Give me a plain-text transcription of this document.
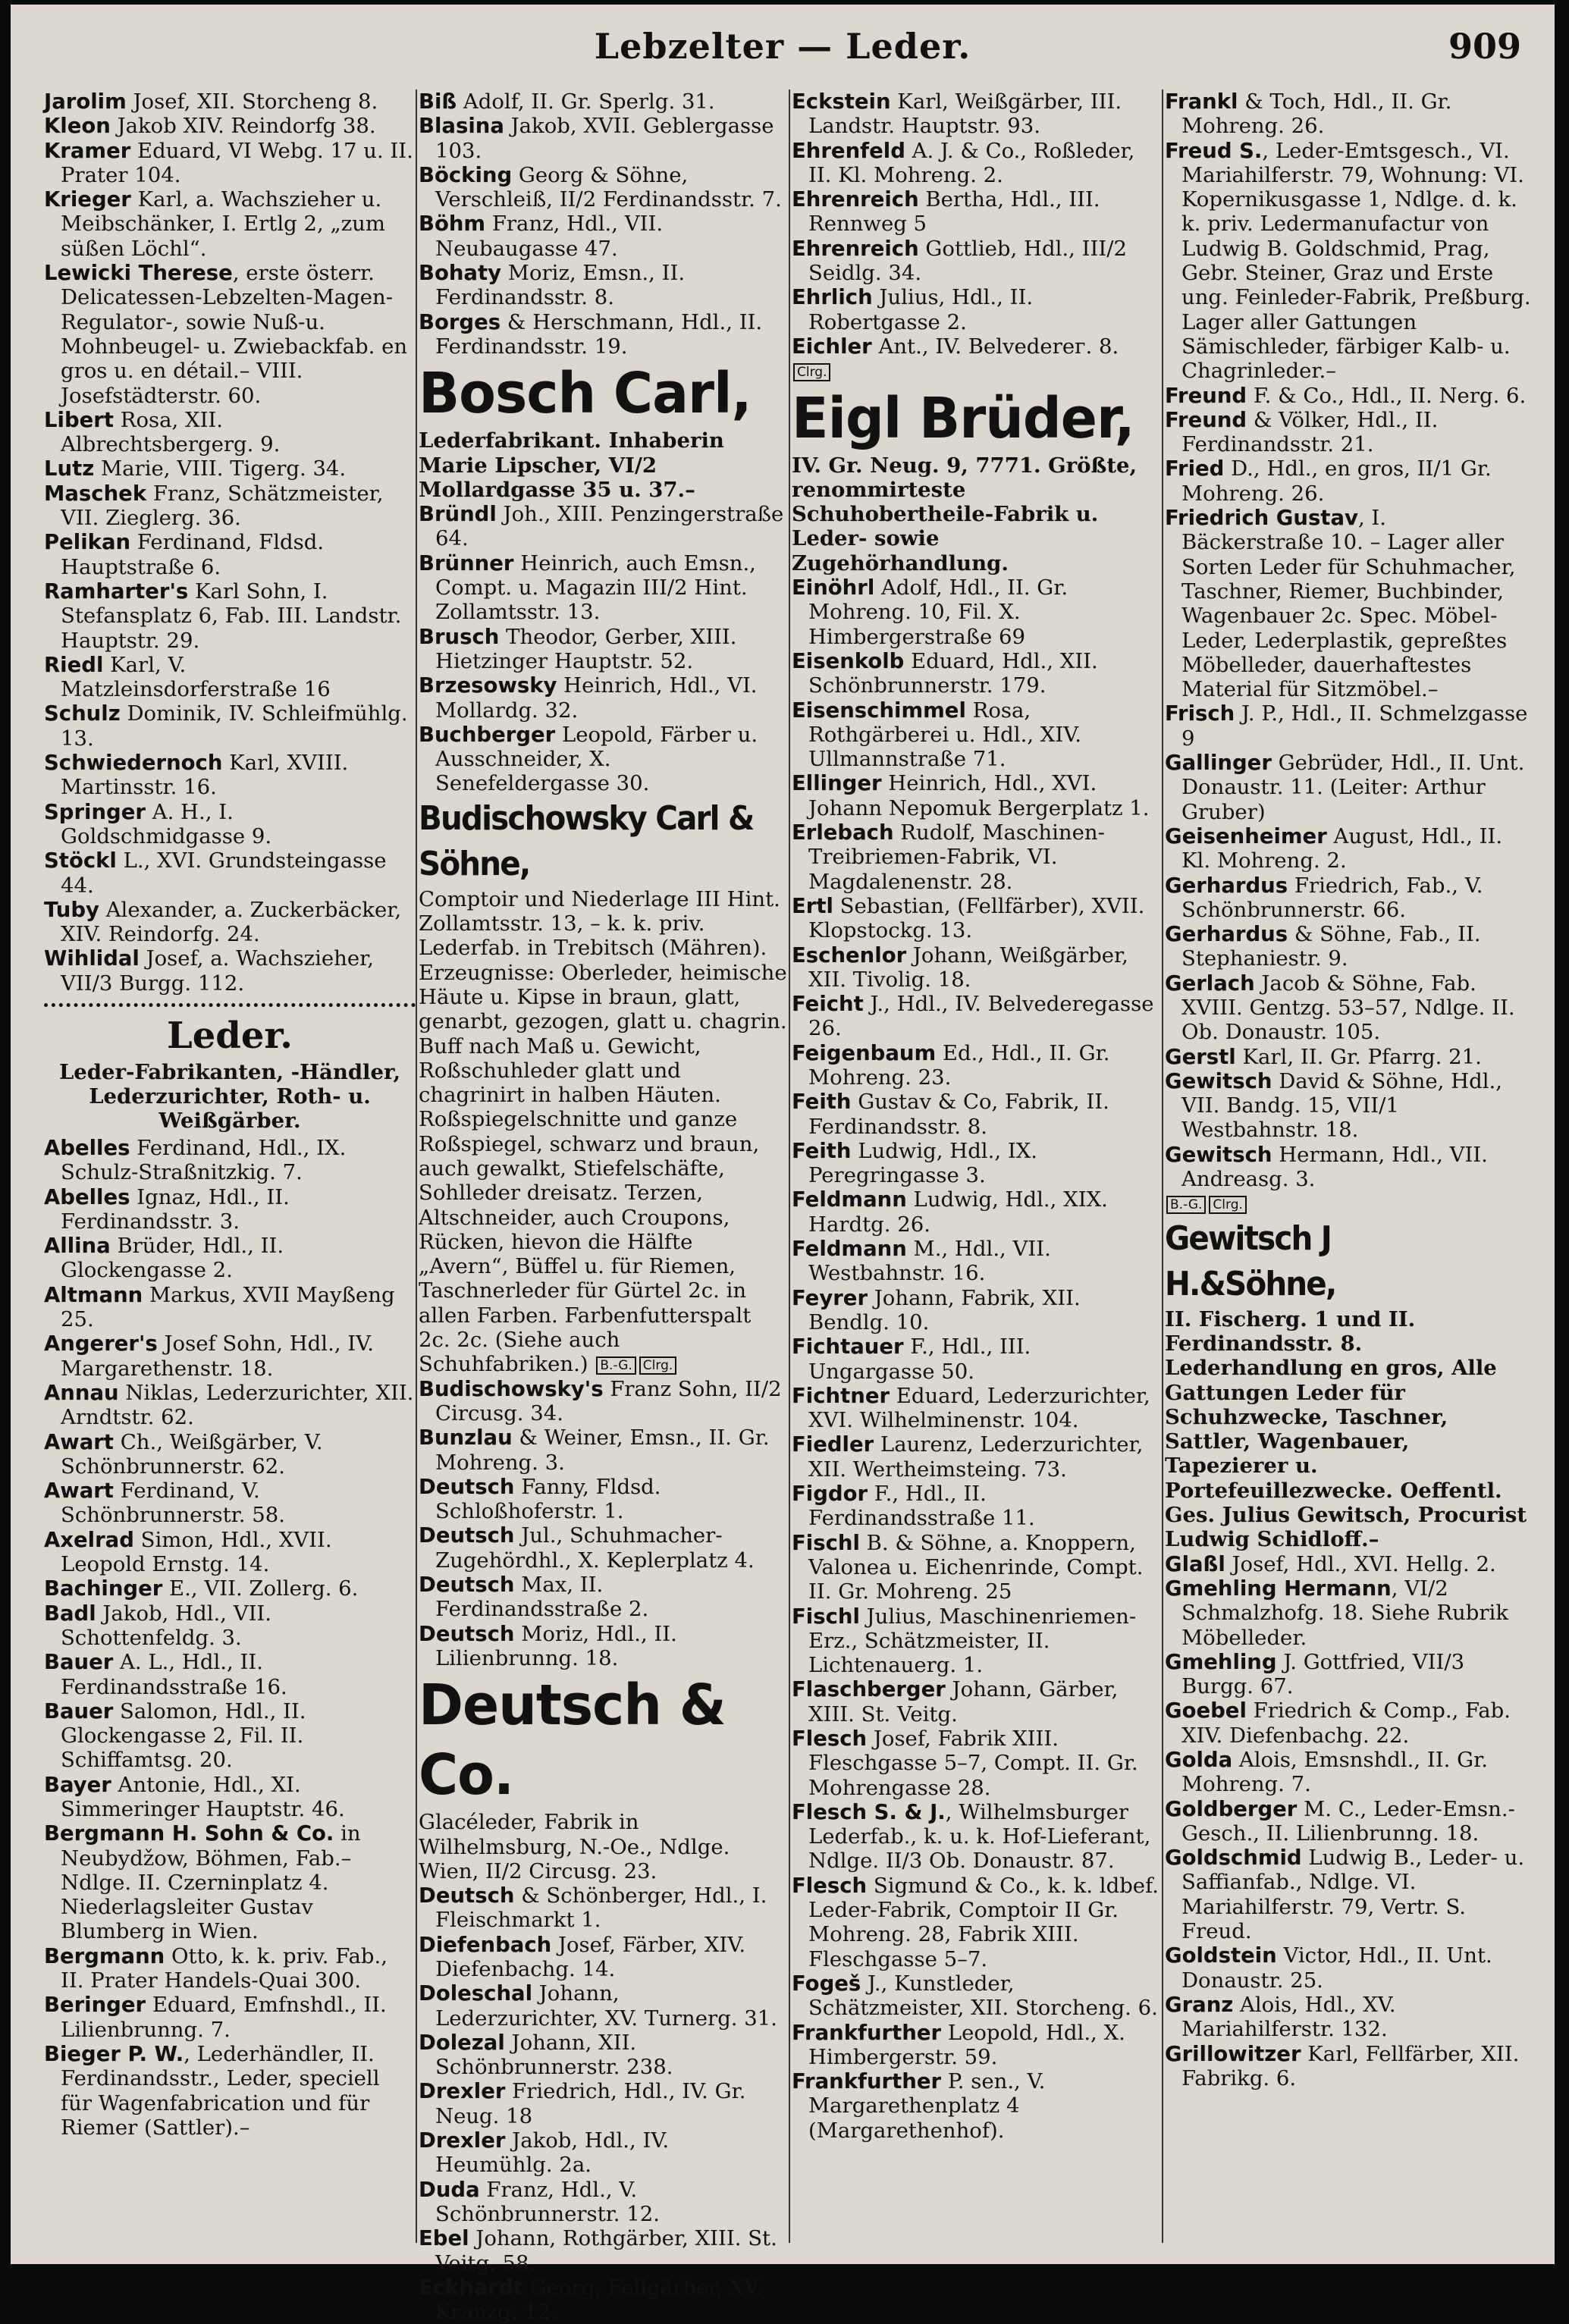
Lebzelter — Leder.	909
Jarolim Josef, XII. Storcheng 8.
Kleon Jakob XIV. Reindorfg 38.
Kramer Eduard, VI Webg. 17 u. II. Prater 104.
Krieger Karl, a. Wachszieher u. Meibschänker, I. Ertlg 2, „zum süßen Löchl“.
Lewicki Therese, erste österr. Delicatessen-Lebzelten-Magen-Regulator-, sowie Nuß-u. Mohnbeugel- u. Zwiebackfab. en gros u. en détail.– VIII. Josefstädterstr. 60.
Libert Rosa, XII. Albrechtsbergerg. 9.
Lutz Marie, VIII. Tigerg. 34.
Maschek Franz, Schätzmeister, VII. Zieglerg. 36.
Pelikan Ferdinand, Fldsd. Hauptstraße 6.
Ramharter's Karl Sohn, I. Stefansplatz 6, Fab. III. Landstr. Hauptstr. 29.
Riedl Karl, V. Matzleinsdorferstraße 16
Schulz Dominik, IV. Schleifmühlg. 13.
Schwiedernoch Karl, XVIII. Martinsstr. 16.
Springer A. H., I. Goldschmidgasse 9.
Stöckl L., XVI. Grundsteingasse 44.
Tuby Alexander, a. Zuckerbäcker, XIV. Reindorfg. 24.
Wihlidal Josef, a. Wachszieher, VII/3 Burgg. 112.
Leder.
Leder-Fabrikanten, -Händler, Lederzurichter, Roth- u. Weißgärber.
Abelles Ferdinand, Hdl., IX. Schulz-Straßnitzkig. 7.
Abelles Ignaz, Hdl., II. Ferdinandsstr. 3.
Allina Brüder, Hdl., II. Glockengasse 2.
Altmann Markus, XVII Mayßeng 25.
Angerer's Josef Sohn, Hdl., IV. Margarethenstr. 18.
Annau Niklas, Lederzurichter, XII. Arndtstr. 62.
Awart Ch., Weißgärber, V. Schönbrunnerstr. 62.
Awart Ferdinand, V. Schönbrunnerstr. 58.
Axelrad Simon, Hdl., XVII. Leopold Ernstg. 14.
Bachinger E., VII. Zollerg. 6.
Badl Jakob, Hdl., VII. Schottenfeldg. 3.
Bauer A. L., Hdl., II. Ferdinandsstraße 16.
Bauer Salomon, Hdl., II. Glockengasse 2, Fil. II. Schiffamtsg. 20.
Bayer Antonie, Hdl., XI. Simmeringer Hauptstr. 46.
Bergmann H. Sohn & Co. in Neubydžow, Böhmen, Fab.–Ndlge. II. Czerninplatz 4. Niederlagsleiter Gustav Blumberg in Wien.
Bergmann Otto, k. k. priv. Fab., II. Prater Handels-Quai 300.
Beringer Eduard, Emfnshdl., II. Lilienbrunng. 7.
Bieger P. W., Lederhändler, II. Ferdinandsstr., Leder, speciell für Wagenfabrication und für Riemer (Sattler).–
Biß Adolf, II. Gr. Sperlg. 31.
Blasina Jakob, XVII. Geblergasse 103.
Böcking Georg & Söhne, Verschleiß, II/2 Ferdinandsstr. 7.
Böhm Franz, Hdl., VII. Neubaugasse 47.
Bohaty Moriz, Emsn., II. Ferdinandsstr. 8.
Borges & Herschmann, Hdl., II. Ferdinandsstr. 19.
Bosch Carl,
Lederfabrikant. Inhaberin Marie Lipscher, VI/2 Mollardgasse 35 u. 37.–
Bründl Joh., XIII. Penzingerstraße 64.
Brünner Heinrich, auch Emsn., Compt. u. Magazin III/2 Hint. Zollamtsstr. 13.
Brusch Theodor, Gerber, XIII. Hietzinger Hauptstr. 52.
Brzesowsky Heinrich, Hdl., VI. Mollardg. 32.
Buchberger Leopold, Färber u. Ausschneider, X. Senefeldergasse 30.
Budischowsky Carl & Söhne,
Comptoir und Niederlage III Hint. Zollamtsstr. 13, – k. k. priv. Lederfab. in Trebitsch (Mähren). Erzeugnisse: Oberleder, heimische Häute u. Kipse in braun, glatt, genarbt, gezogen, glatt u. chagrin. Buff nach Maß u. Gewicht, Roßschuhleder glatt und chagrinirt in halben Häuten. Roßspiegelschnitte und ganze Roßspiegel, schwarz und braun, auch gewalkt, Stiefelschäfte, Sohlleder dreisatz. Terzen, Altschneider, auch Croupons, Rücken, hievon die Hälfte „Avern“, Büffel u. für Riemen, Taschnerleder für Gürtel 2c. in allen Farben. Farbenfutterspalt 2c. 2c. (Siehe auch Schuhfabriken.) B.-G. Clrg.
Budischowsky's Franz Sohn, II/2 Circusg. 34.
Bunzlau & Weiner, Emsn., II. Gr. Mohreng. 3.
Deutsch Fanny, Fldsd. Schloßhoferstr. 1.
Deutsch Jul., Schuhmacher-Zugehördhl., X. Keplerplatz 4.
Deutsch Max, II. Ferdinandsstraße 2.
Deutsch Moriz, Hdl., II. Lilienbrunng. 18.
Deutsch & Co.
Glacéleder, Fabrik in Wilhelmsburg, N.-Oe., Ndlge. Wien, II/2 Circusg. 23.
Deutsch & Schönberger, Hdl., I. Fleischmarkt 1.
Diefenbach Josef, Färber, XIV. Diefenbachg. 14.
Doleschal Johann, Lederzurichter, XV. Turnerg. 31.
Dolezal Johann, XII. Schönbrunnerstr. 238.
Drexler Friedrich, Hdl., IV. Gr. Neug. 18
Drexler Jakob, Hdl., IV. Heumühlg. 2a.
Duda Franz, Hdl., V. Schönbrunnerstr. 12.
Ebel Johann, Rothgärber, XIII. St. Veitg. 58.
Eckhardt Georg, Fellgärber, XV. Kranzg. 12.
Eckstein Karl, Weißgärber, III. Landstr. Hauptstr. 93.
Ehrenfeld A. J. & Co., Roßleder, II. Kl. Mohreng. 2.
Ehrenreich Bertha, Hdl., III. Rennweg 5
Ehrenreich Gottlieb, Hdl., III/2 Seidlg. 34.
Ehrlich Julius, Hdl., II. Robertgasse 2.
Eichler Ant., IV. Belvederег. 8.
Clrg.
Eigl Brüder,
IV. Gr. Neug. 9, 7771. Größte, renommirteste Schuhobertheile-Fabrik u. Leder- sowie Zugehörhandlung.
Einöhrl Adolf, Hdl., II. Gr. Mohreng. 10, Fil. X. Himbergerstraße 69
Eisenkolb Eduard, Hdl., XII. Schönbrunnerstr. 179.
Eisenschimmel Rosa, Rothgärberei u. Hdl., XIV. Ullmannstraße 71.
Ellinger Heinrich, Hdl., XVI. Johann Nepomuk Bergerplatz 1.
Erlebach Rudolf, Maschinen-Treibriemen-Fabrik, VI. Magdalenenstr. 28.
Ertl Sebastian, (Fellfärber), XVII. Klopstockg. 13.
Eschenlor Johann, Weißgärber, XII. Tivolig. 18.
Feicht J., Hdl., IV. Belvederegasse 26.
Feigenbaum Ed., Hdl., II. Gr. Mohreng. 23.
Feith Gustav & Co, Fabrik, II. Ferdinandsstr. 8.
Feith Ludwig, Hdl., IX. Peregringasse 3.
Feldmann Ludwig, Hdl., XIX. Hardtg. 26.
Feldmann M., Hdl., VII. Westbahnstr. 16.
Feyrer Johann, Fabrik, XII. Bendlg. 10.
Fichtauer F., Hdl., III. Ungargasse 50.
Fichtner Eduard, Lederzurichter, XVI. Wilhelminenstr. 104.
Fiedler Laurenz, Lederzurichter, XII. Wertheimsteing. 73.
Figdor F., Hdl., II. Ferdinandsstraße 11.
Fischl B. & Söhne, a. Knoppern, Valonea u. Eichenrinde, Compt. II. Gr. Mohreng. 25
Fischl Julius, Maschinenriemen-Erz., Schätzmeister, II. Lichtenauerg. 1.
Flaschberger Johann, Gärber, XIII. St. Veitg.
Flesch Josef, Fabrik XIII. Fleschgasse 5–7, Compt. II. Gr. Mohrengasse 28.
Flesch S. & J., Wilhelmsburger Lederfab., k. u. k. Hof-Lieferant, Ndlge. II/3 Ob. Donaustr. 87.
Flesch Sigmund & Co., k. k. ldbef. Leder-Fabrik, Comptoir II Gr. Mohreng. 28, Fabrik XIII. Fleschgasse 5–7.
Fogeš J., Kunstleder, Schätzmeister, XII. Storcheng. 6.
Frankfurther Leopold, Hdl., X. Himbergerstr. 59.
Frankfurther P. sen., V. Margarethenplatz 4 (Margarethenhof).
Frankl & Toch, Hdl., II. Gr. Mohreng. 26.
Freud S., Leder-Emtsgesch., VI. Mariahilferstr. 79, Wohnung: VI. Kopernikusgasse 1, Ndlge. d. k. k. priv. Ledermanufactur von Ludwig B. Goldschmid, Prag, Gebr. Steiner, Graz und Erste ung. Feinleder-Fabrik, Preßburg. Lager aller Gattungen Sämischleder, färbiger Kalb- u. Chagrinleder.–
Freund F. & Co., Hdl., II. Nerg. 6.
Freund & Völker, Hdl., II. Ferdinandsstr. 21.
Fried D., Hdl., en gros, II/1 Gr. Mohreng. 26.
Friedrich Gustav, I. Bäckerstraße 10. – Lager aller Sorten Leder für Schuhmacher, Taschner, Riemer, Buchbinder, Wagenbauer 2c. Spec. Möbel-Leder, Lederplastik, gepreßtes Möbelleder, dauerhaftestes Material für Sitzmöbel.–
Frisch J. P., Hdl., II. Schmelzgasse 9
Gallinger Gebrüder, Hdl., II. Unt. Donaustr. 11. (Leiter: Arthur Gruber)
Geisenheimer August, Hdl., II. Kl. Mohreng. 2.
Gerhardus Friedrich, Fab., V. Schönbrunnerstr. 66.
Gerhardus & Söhne, Fab., II. Stephaniestr. 9.
Gerlach Jacob & Söhne, Fab. XVIII. Gentzg. 53–57, Ndlge. II. Ob. Donaustr. 105.
Gerstl Karl, II. Gr. Pfarrg. 21.
Gewitsch David & Söhne, Hdl., VII. Bandg. 15, VII/1 Westbahnstr. 18.
Gewitsch Hermann, Hdl., VII. Andreasg. 3.
B.-G. Clrg.
Gewitsch J H.&Söhne,
II. Fischerg. 1 und II. Ferdinandsstr. 8. Lederhandlung en gros, Alle Gattungen Leder für Schuhzwecke, Taschner, Sattler, Wagenbauer, Tapezierer u. Portefeuillezwecke. Oeffentl. Ges. Julius Gewitsch, Procurist Ludwig Schidloff.–
Glaßl Josef, Hdl., XVI. Hellg. 2.
Gmehling Hermann, VI/2 Schmalzhofg. 18. Siehe Rubrik Möbelleder.
Gmehling J. Gottfried, VII/3 Burgg. 67.
Goebel Friedrich & Comp., Fab. XIV. Diefenbachg. 22.
Golda Alois, Emsnshdl., II. Gr. Mohreng. 7.
Goldberger M. C., Leder-Emsn.-Gesch., II. Lilienbrunng. 18.
Goldschmid Ludwig B., Leder- u. Saffianfab., Ndlge. VI. Mariahilferstr. 79, Vertr. S. Freud.
Goldstein Victor, Hdl., II. Unt. Donaustr. 25.
Granz Alois, Hdl., XV. Mariahilferstr. 132.
Grillowitzer Karl, Fellfärber, XII. Fabrikg. 6.
